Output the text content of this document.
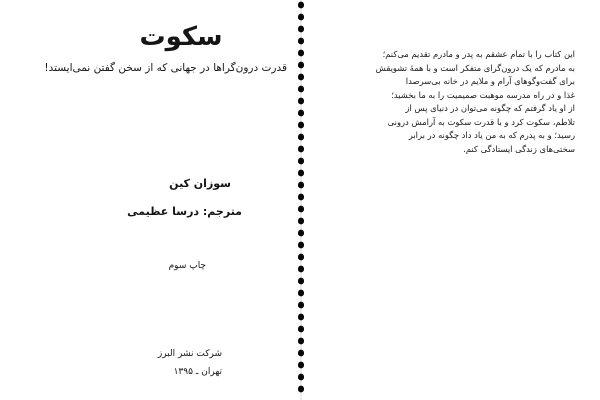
سکوت
قدرت درون‌گراها در جهانی که از سخن گفتن نمی‌ایستد!
سوزان کین
مترجم: درسا عظیمی
چاپ سوم
شرکت نشر البرز
تهران ـ ۱۳۹۵
این کتاب را با تمام عشقم به پدر و مادرم تقدیم می‌کنم؛
به مادرم که یک درون‌گرای متفکر است و با همهٔ تشویقش
برای گفت‌وگوهای آرام و ملایم در خانه بی‌سر‌صدا
غذا و در راه مدرسه موهبت صمیمیت را به ما بخشید؛
از او یاد گرفتم که چگونه می‌توان در دنیای پس از
تلاطم، سکوت کرد و با قدرت سکوت به آرامش درونی
رسید؛ و به پدرم که به من یاد داد چگونه در برابر
سختی‌های زندگی ایستادگی کنم.
